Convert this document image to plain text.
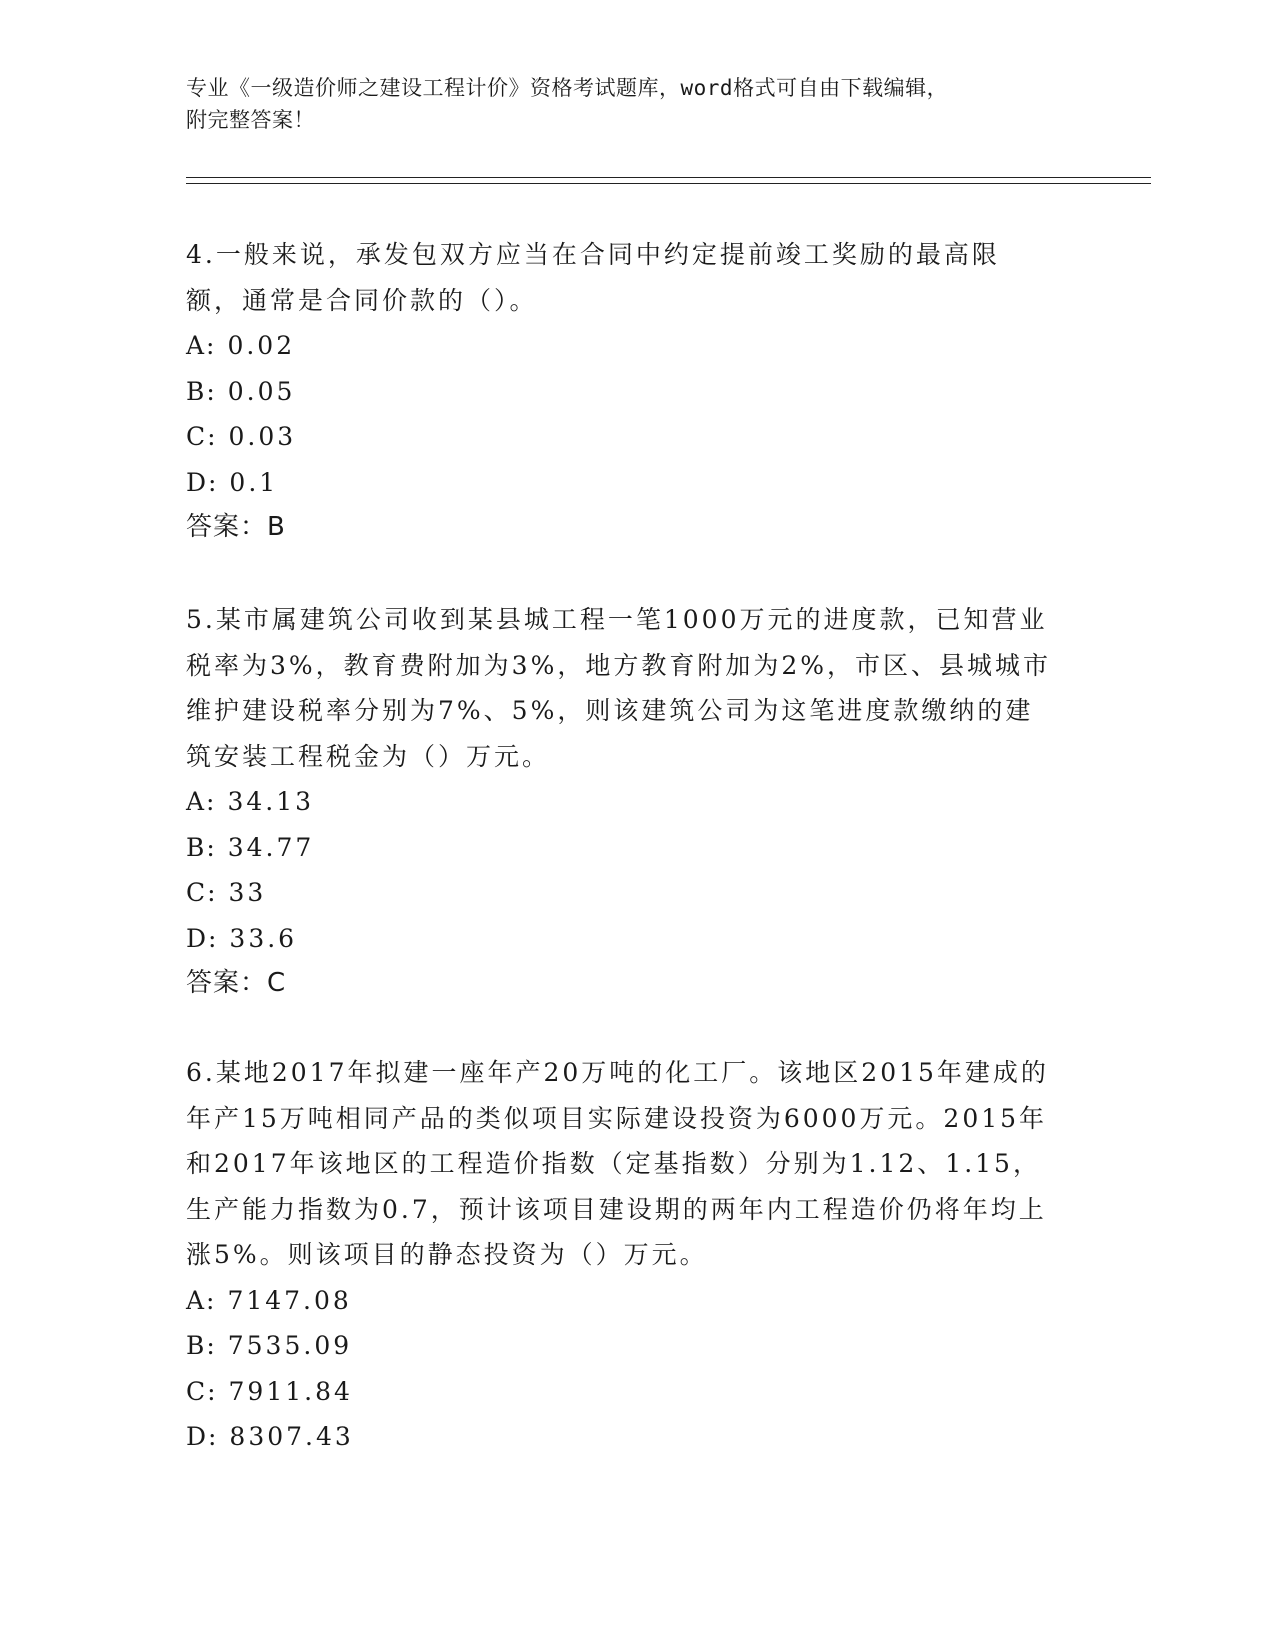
专业《一级造价师之建设工程计价》资格考试题库，word格式可自由下载编辑，

附完整答案！

4.一般来说，承发包双方应当在合同中约定提前竣工奖励的最高限额，通常是合同价款的（）。

A: 0.02

B: 0.05

C: 0.03

D: 0.1

答案：B

5.某市属建筑公司收到某县城工程一笔1000万元的进度款，已知营业税率为3%，教育费附加为3%，地方教育附加为2%，市区、县城城市维护建设税率分别为7%、5%，则该建筑公司为这笔进度款缴纳的建筑安装工程税金为（）万元。

A: 34.13

B: 34.77

C: 33

D: 33.6

答案：C

6.某地2017年拟建一座年产20万吨的化工厂。该地区2015年建成的年产15万吨相同产品的类似项目实际建设投资为6000万元。2015年和2017年该地区的工程造价指数（定基指数）分别为1.12、1.15，生产能力指数为0.7，预计该项目建设期的两年内工程造价仍将年均上涨5%。则该项目的静态投资为（）万元。

A: 7147.08

B: 7535.09

C: 7911.84

D: 8307.43
